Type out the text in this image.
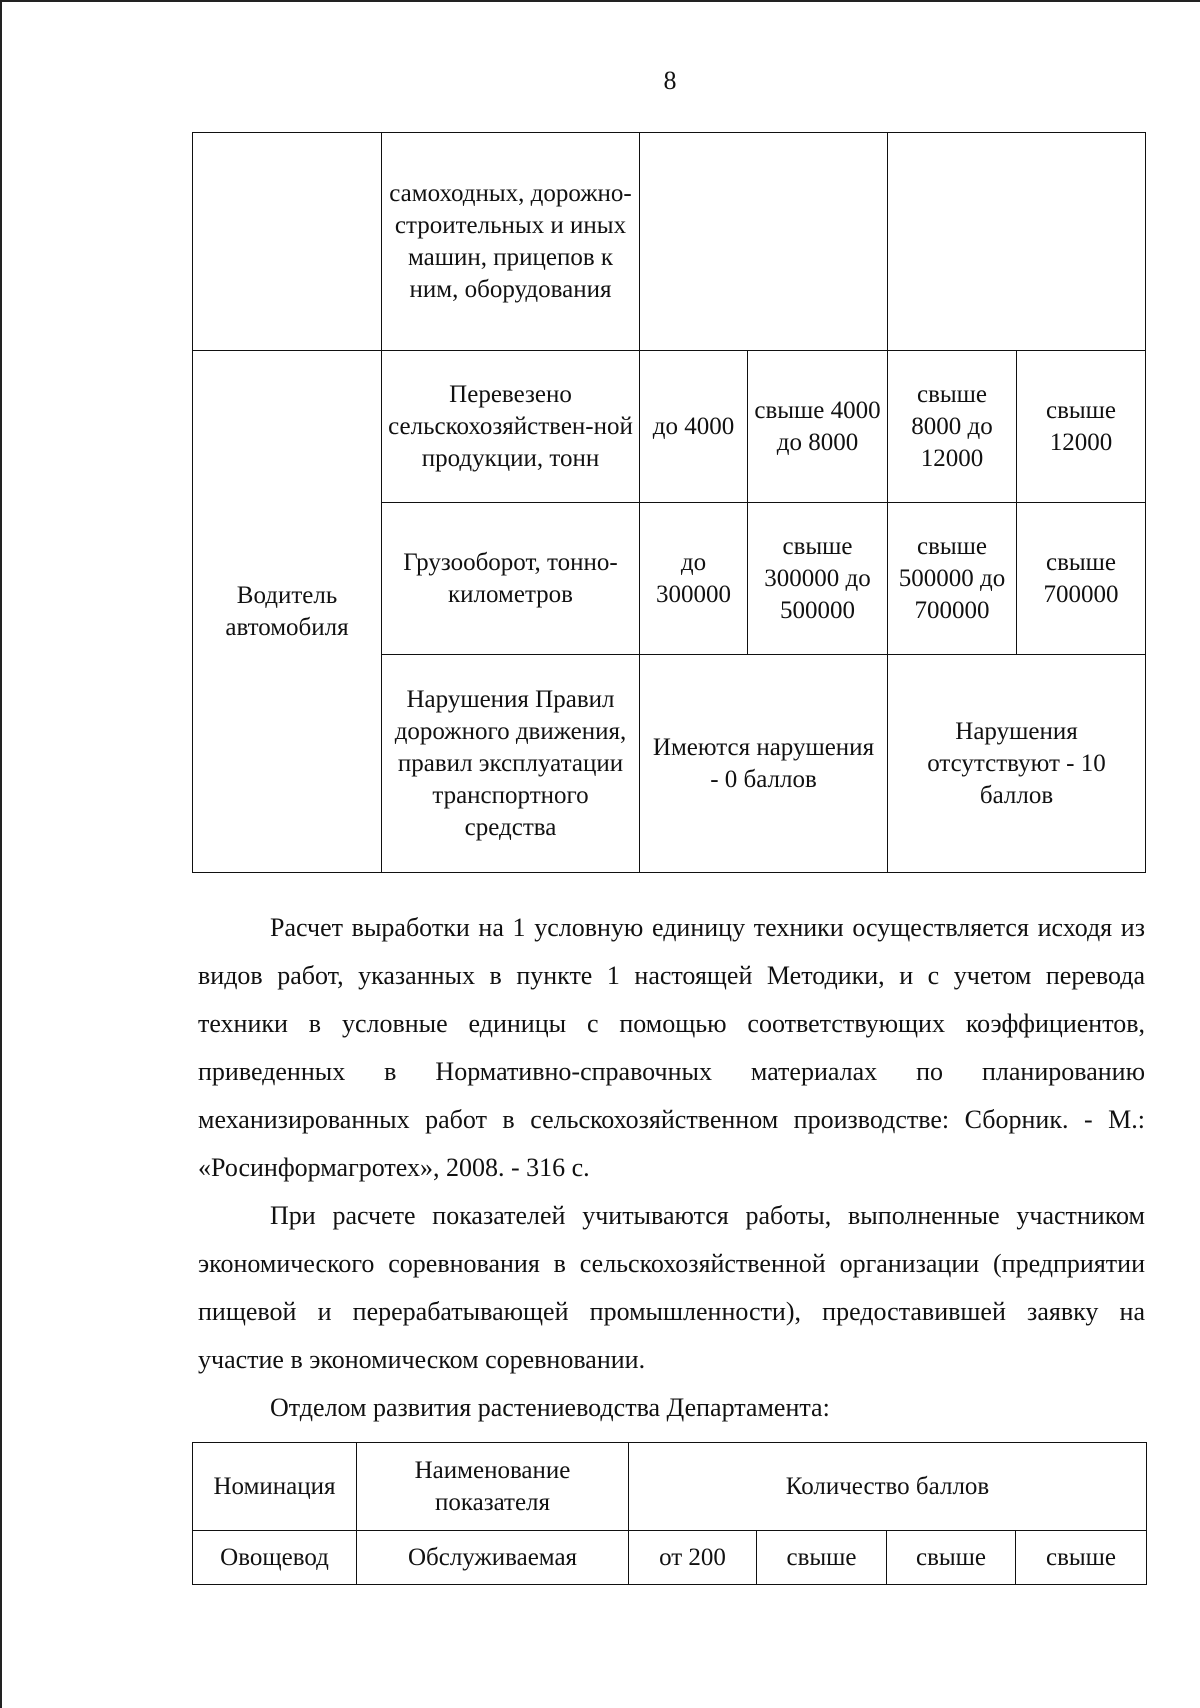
8
	самоходных, дорожно-строительных и иных машин, прицепов к ним, оборудования				
Водитель автомобиля	Перевезено сельскохозяйствен-ной продукции, тонн	до 4000	свыше 4000 до 8000	свыше 8000 до 12000	свыше 12000
	Грузооборот, тонно-километров	до 300000	свыше 300000 до 500000	свыше 500000 до 700000	свыше 700000
	Нарушения Правил дорожного движения, правил эксплуатации транспортного средства	Имеются нарушения - 0 баллов		Нарушения отсутствуют - 10 баллов	

Расчет выработки на 1 условную единицу техники осуществляется исходя из видов работ, указанных в пункте 1 настоящей Методики, и с учетом перевода техники в условные единицы с помощью соответствующих коэффициентов, приведенных в Нормативно-справочных материалах по планированию механизированных работ в сельскохозяйственном производстве: Сборник. - М.: «Росинформагротех», 2008. - 316 с.

При расчете показателей учитываются работы, выполненные участником экономического соревнования в сельскохозяйственной организации (предприятии пищевой и перерабатывающей промышленности), предоставившей заявку на участие в экономическом соревновании.

Отделом развития растениеводства Департамента:

Номинация	Наименование показателя	Количество баллов			
Овощевод	Обслуживаемая	от 200	свыше	свыше	свыше
